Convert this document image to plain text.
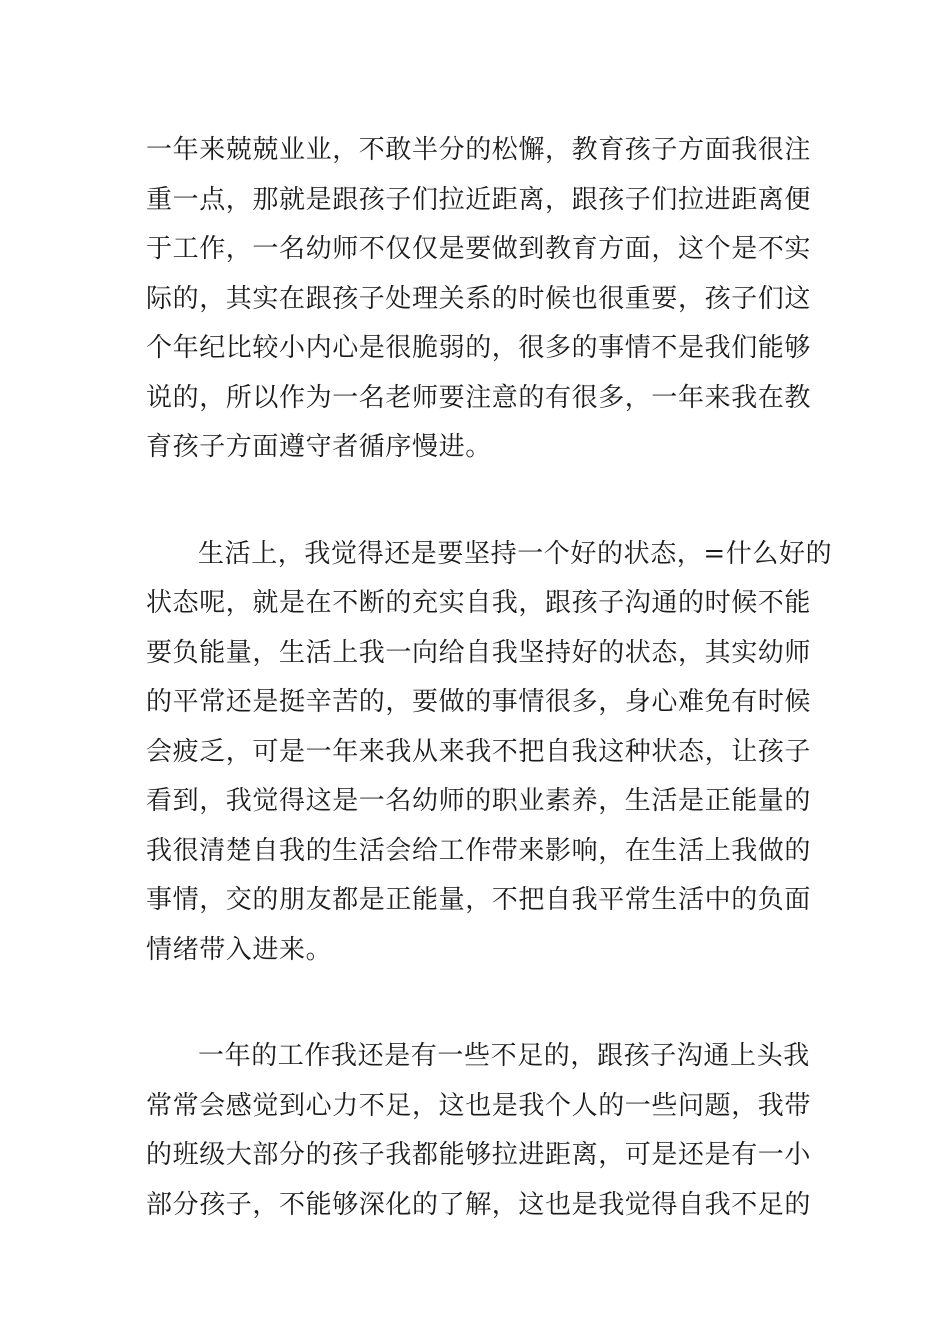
一年来兢兢业业，不敢半分的松懈，教育孩子方面我很注
重一点，那就是跟孩子们拉近距离，跟孩子们拉进距离便
于工作，一名幼师不仅仅是要做到教育方面，这个是不实
际的，其实在跟孩子处理关系的时候也很重要，孩子们这
个年纪比较小内心是很脆弱的，很多的事情不是我们能够
说的，所以作为一名老师要注意的有很多，一年来我在教
育孩子方面遵守者循序慢进。
生活上，我觉得还是要坚持一个好的状态，=什么好的
状态呢，就是在不断的充实自我，跟孩子沟通的时候不能
要负能量，生活上我一向给自我坚持好的状态，其实幼师
的平常还是挺辛苦的，要做的事情很多，身心难免有时候
会疲乏，可是一年来我从来我不把自我这种状态，让孩子
看到，我觉得这是一名幼师的职业素养，生活是正能量的
我很清楚自我的生活会给工作带来影响，在生活上我做的
事情，交的朋友都是正能量，不把自我平常生活中的负面
情绪带入进来。
一年的工作我还是有一些不足的，跟孩子沟通上头我
常常会感觉到心力不足，这也是我个人的一些问题，我带
的班级大部分的孩子我都能够拉进距离，可是还是有一小
部分孩子，不能够深化的了解，这也是我觉得自我不足的
